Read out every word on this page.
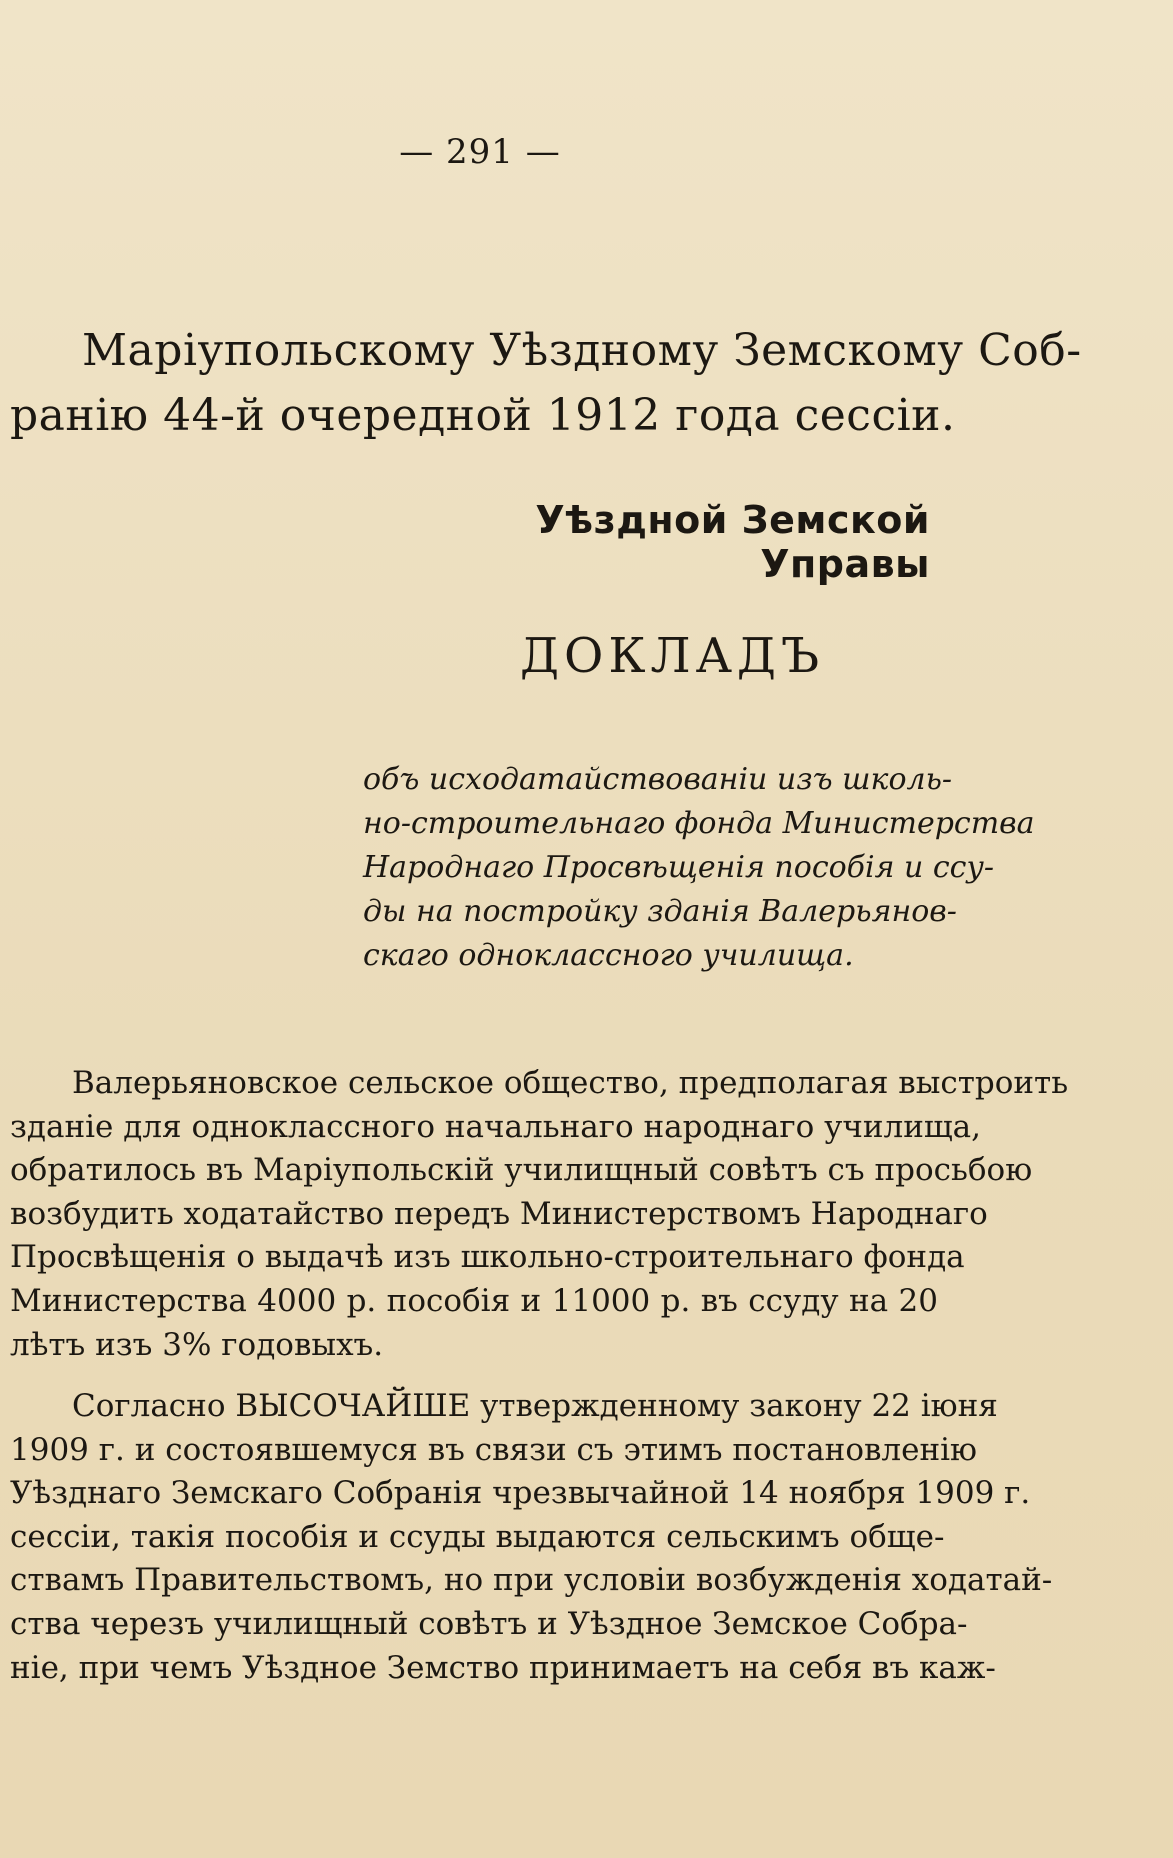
— 291 —
Маріупольскому Уѣздному Земскому Соб-
ранію 44-й очередной 1912 года сессіи.
Уѣздной Земской Управы
ДОКЛАДЪ
объ исходатайствованіи изъ школь-
но-строительнаго фонда Министерства
Народнаго Просвѣщенія пособія и ссу-
ды на постройку зданія Валерьянов-
скаго одноклассного училища.
Валерьяновское сельское общество, предполагая выстроить
зданіе для одноклассного начальнаго народнаго училища,
обратилось въ Маріупольскій училищный совѣтъ съ просьбою
возбудить ходатайство передъ Министерствомъ Народнаго
Просвѣщенія о выдачѣ изъ школьно-строительнаго фонда
Министерства 4000 р. пособія и 11000 р. въ ссуду на 20
лѣтъ изъ 3% годовыхъ.
Согласно ВЫСОЧАЙШЕ утвержденному закону 22 іюня
1909 г. и состоявшемуся въ связи съ этимъ постановленію
Уѣзднаго Земскаго Собранія чрезвычайной 14 ноября 1909 г.
сессіи, такія пособія и ссуды выдаются сельскимъ обще-
ствамъ Правительствомъ, но при условіи возбужденія ходатай-
ства черезъ училищный совѣтъ и Уѣздное Земское Собра-
ніе, при чемъ Уѣздное Земство принимаетъ на себя въ каж-
